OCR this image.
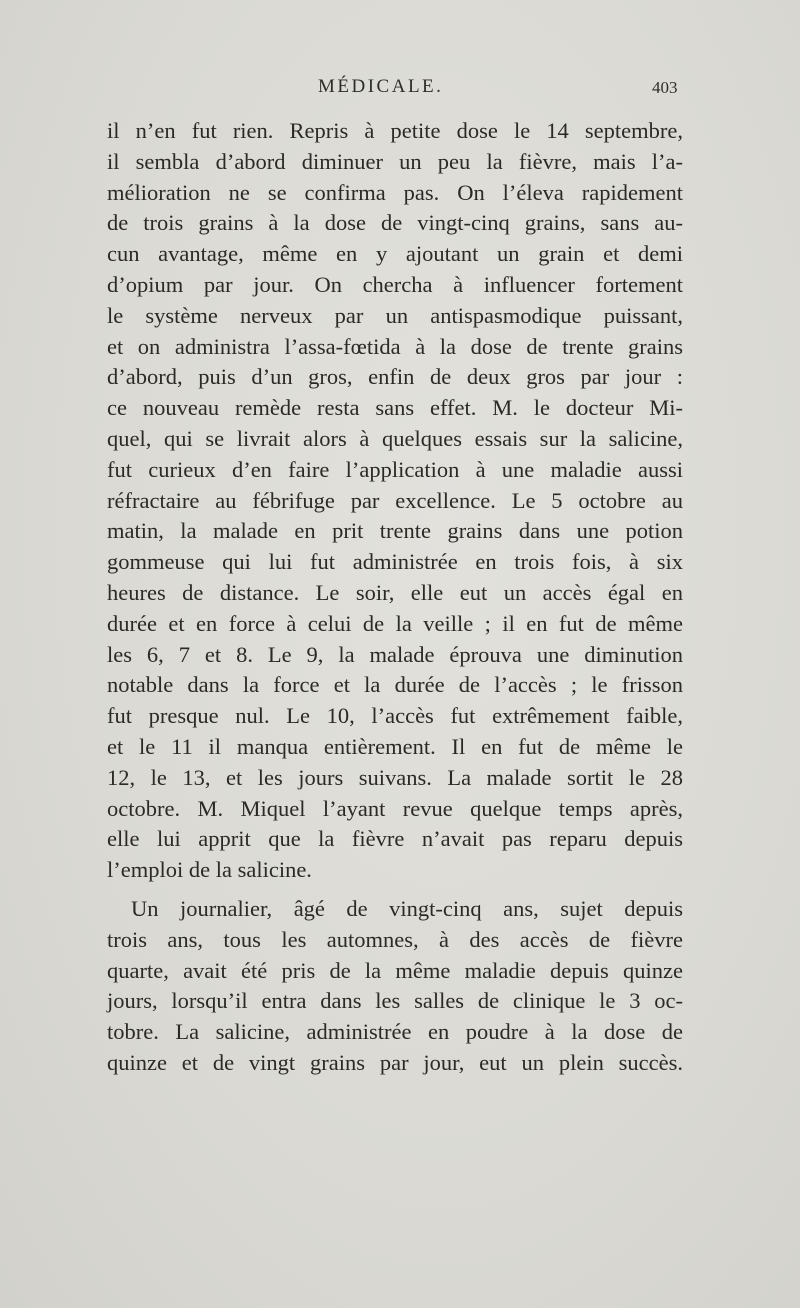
MÉDICALE.	403
il n’en fut rien. Repris à petite dose le 14 septembre,
il sembla d’abord diminuer un peu la fièvre, mais l’a-
mélioration ne se confirma pas. On l’éleva rapidement
de trois grains à la dose de vingt-cinq grains, sans au-
cun avantage, même en y ajoutant un grain et demi
d’opium par jour. On chercha à influencer fortement
le système nerveux par un antispasmodique puissant,
et on administra l’assa-fœtida à la dose de trente grains
d’abord, puis d’un gros, enfin de deux gros par jour :
ce nouveau remède resta sans effet. M. le docteur Mi-
quel, qui se livrait alors à quelques essais sur la salicine,
fut curieux d’en faire l’application à une maladie aussi
réfractaire au fébrifuge par excellence. Le 5 octobre au
matin, la malade en prit trente grains dans une potion
gommeuse qui lui fut administrée en trois fois, à six
heures de distance. Le soir, elle eut un accès égal en
durée et en force à celui de la veille ; il en fut de même
les 6, 7 et 8. Le 9, la malade éprouva une diminution
notable dans la force et la durée de l’accès ; le frisson
fut presque nul. Le 10, l’accès fut extrêmement faible,
et le 11 il manqua entièrement. Il en fut de même le
12, le 13, et les jours suivans. La malade sortit le 28
octobre. M. Miquel l’ayant revue quelque temps après,
elle lui apprit que la fièvre n’avait pas reparu depuis
l’emploi de la salicine.
Un journalier, âgé de vingt-cinq ans, sujet depuis
trois ans, tous les automnes, à des accès de fièvre
quarte, avait été pris de la même maladie depuis quinze
jours, lorsqu’il entra dans les salles de clinique le 3 oc-
tobre. La salicine, administrée en poudre à la dose de
quinze et de vingt grains par jour, eut un plein succès.
